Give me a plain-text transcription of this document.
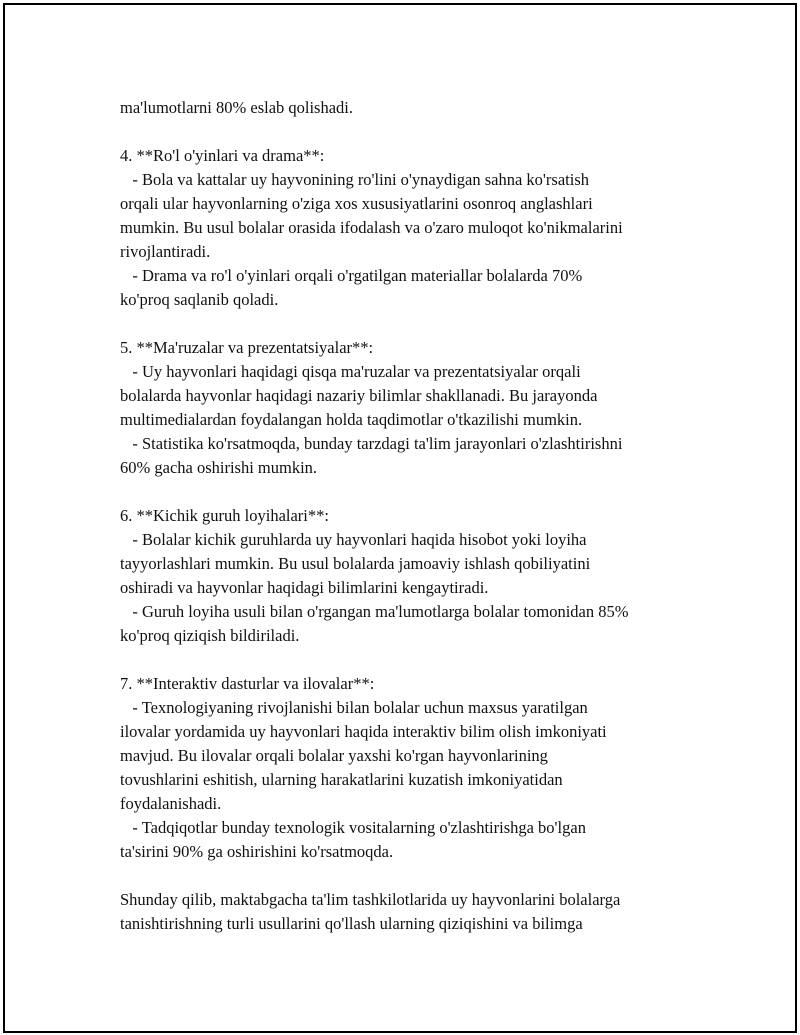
ma'lumotlarni 80% eslab qolishadi.
4. **Ro'l o'yinlari va drama**:
- Bola va kattalar uy hayvonining ro'lini o'ynaydigan sahna ko'rsatish
orqali ular hayvonlarning o'ziga xos xususiyatlarini osonroq anglashlari
mumkin. Bu usul bolalar orasida ifodalash va o'zaro muloqot ko'nikmalarini
rivojlantiradi.
- Drama va ro'l o'yinlari orqali o'rgatilgan materiallar bolalarda 70%
ko'proq saqlanib qoladi.
5. **Ma'ruzalar va prezentatsiyalar**:
- Uy hayvonlari haqidagi qisqa ma'ruzalar va prezentatsiyalar orqali
bolalarda hayvonlar haqidagi nazariy bilimlar shakllanadi. Bu jarayonda
multimedialardan foydalangan holda taqdimotlar o'tkazilishi mumkin.
- Statistika ko'rsatmoqda, bunday tarzdagi ta'lim jarayonlari o'zlashtirishni
60% gacha oshirishi mumkin.
6. **Kichik guruh loyihalari**:
- Bolalar kichik guruhlarda uy hayvonlari haqida hisobot yoki loyiha
tayyorlashlari mumkin. Bu usul bolalarda jamoaviy ishlash qobiliyatini
oshiradi va hayvonlar haqidagi bilimlarini kengaytiradi.
- Guruh loyiha usuli bilan o'rgangan ma'lumotlarga bolalar tomonidan 85%
ko'proq qiziqish bildiriladi.
7. **Interaktiv dasturlar va ilovalar**:
- Texnologiyaning rivojlanishi bilan bolalar uchun maxsus yaratilgan
ilovalar yordamida uy hayvonlari haqida interaktiv bilim olish imkoniyati
mavjud. Bu ilovalar orqali bolalar yaxshi ko'rgan hayvonlarining
tovushlarini eshitish, ularning harakatlarini kuzatish imkoniyatidan
foydalanishadi.
- Tadqiqotlar bunday texnologik vositalarning o'zlashtirishga bo'lgan
ta'sirini 90% ga oshirishini ko'rsatmoqda.
Shunday qilib, maktabgacha ta'lim tashkilotlarida uy hayvonlarini bolalarga
tanishtirishning turli usullarini qo'llash ularning qiziqishini va bilimga
